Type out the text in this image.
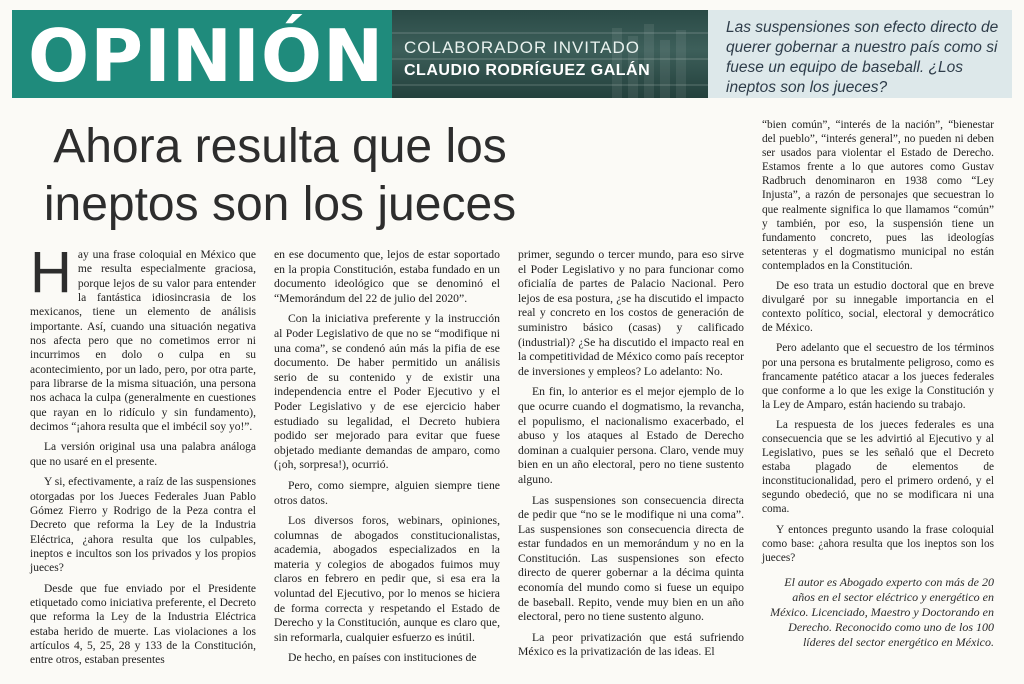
OPINIÓN COLABORADOR INVITADO
CLAUDIO RODRÍGUEZ GALÁN
Las suspensiones son efecto directo de querer gobernar a nuestro país como si fuese un equipo de baseball. ¿Los ineptos son los jueces?
Ahora resulta que los ineptos son los jueces

Hay una frase coloquial en México que me resulta especialmente graciosa, porque lejos de su valor para entender la fantástica idiosincrasia de los mexicanos, tiene un elemento de análisis importante. Así, cuando una situación negativa nos afecta pero que no cometimos error ni incurrimos en dolo o culpa en su acontecimiento, por un lado, pero, por otra parte, para librarse de la misma situación, una persona nos achaca la culpa (generalmente en cuestiones que rayan en lo ridículo y sin fundamento), decimos “¡ahora resulta que el imbécil soy yo!”.

La versión original usa una palabra análoga que no usaré en el presente.

Y si, efectivamente, a raíz de las suspensiones otorgadas por los Jueces Federales Juan Pablo Gómez Fierro y Rodrigo de la Peza contra el Decreto que reforma la Ley de la Industria Eléctrica, ¿ahora resulta que los culpables, ineptos e incultos son los privados y los propios jueces?

Desde que fue enviado por el Presidente etiquetado como iniciativa preferente, el Decreto que reforma la Ley de la Industria Eléctrica estaba herido de muerte. Las violaciones a los artículos 4, 5, 25, 28 y 133 de la Constitución, entre otros, estaban presentes

en ese documento que, lejos de estar soportado en la propia Constitución, estaba fundado en un documento ideológico que se denominó el “Memorándum del 22 de julio del 2020”.

Con la iniciativa preferente y la instrucción al Poder Legislativo de que no se “modifique ni una coma”, se condenó aún más la pifia de ese documento. De haber permitido un análisis serio de su contenido y de existir una independencia entre el Poder Ejecutivo y el Poder Legislativo y de ese ejercicio haber estudiado su legalidad, el Decreto hubiera podido ser mejorado para evitar que fuese objetado mediante demandas de amparo, como (¡oh, sorpresa!), ocurrió.

Pero, como siempre, alguien siempre tiene otros datos.

Los diversos foros, webinars, opiniones, columnas de abogados constitucionalistas, academia, abogados especializados en la materia y colegios de abogados fuimos muy claros en febrero en pedir que, si esa era la voluntad del Ejecutivo, por lo menos se hiciera de forma correcta y respetando el Estado de Derecho y la Constitución, aunque es claro que, sin reformarla, cualquier esfuerzo es inútil.

De hecho, en países con instituciones de

primer, segundo o tercer mundo, para eso sirve el Poder Legislativo y no para funcionar como oficialía de partes de Palacio Nacional. Pero lejos de esa postura, ¿se ha discutido el impacto real y concreto en los costos de generación de suministro básico (casas) y calificado (industrial)? ¿Se ha discutido el impacto real en la competitividad de México como país receptor de inversiones y empleos? Lo adelanto: No.

En fin, lo anterior es el mejor ejemplo de lo que ocurre cuando el dogmatismo, la revancha, el populismo, el nacionalismo exacerbado, el abuso y los ataques al Estado de Derecho dominan a cualquier persona. Claro, vende muy bien en un año electoral, pero no tiene sustento alguno.

Las suspensiones son consecuencia directa de pedir que “no se le modifique ni una coma”. Las suspensiones son consecuencia directa de estar fundados en un memorándum y no en la Constitución. Las suspensiones son efecto directo de querer gobernar a la décima quinta economía del mundo como si fuese un equipo de baseball. Repito, vende muy bien en un año electoral, pero no tiene sustento alguno.

La peor privatización que está sufriendo México es la privatización de las ideas. El

“bien común”, “interés de la nación”, “bienestar del pueblo”, “interés general”, no pueden ni deben ser usados para violentar el Estado de Derecho. Estamos frente a lo que autores como Gustav Radbruch denominaron en 1938 como “Ley Injusta”, a razón de personajes que secuestran lo que realmente significa lo que llamamos “común” y también, por eso, la suspensión tiene un fundamento concreto, pues las ideologías setenteras y el dogmatismo municipal no están contemplados en la Constitución.

De eso trata un estudio doctoral que en breve divulgaré por su innegable importancia en el contexto político, social, electoral y democrático de México.

Pero adelanto que el secuestro de los términos por una persona es brutalmente peligroso, como es francamente patético atacar a los jueces federales que conforme a lo que les exige la Constitución y la Ley de Amparo, están haciendo su trabajo.

La respuesta de los jueces federales es una consecuencia que se les advirtió al Ejecutivo y al Legislativo, pues se les señaló que el Decreto estaba plagado de elementos de inconstitucionalidad, pero el primero ordenó, y el segundo obedeció, que no se modificara ni una coma.

Y entonces pregunto usando la frase coloquial como base: ¿ahora resulta que los ineptos son los jueces?

El autor es Abogado experto con más de 20 años en el sector eléctrico y energético en México. Licenciado, Maestro y Doctorando en Derecho. Reconocido como uno de los 100 líderes del sector energético en México.
